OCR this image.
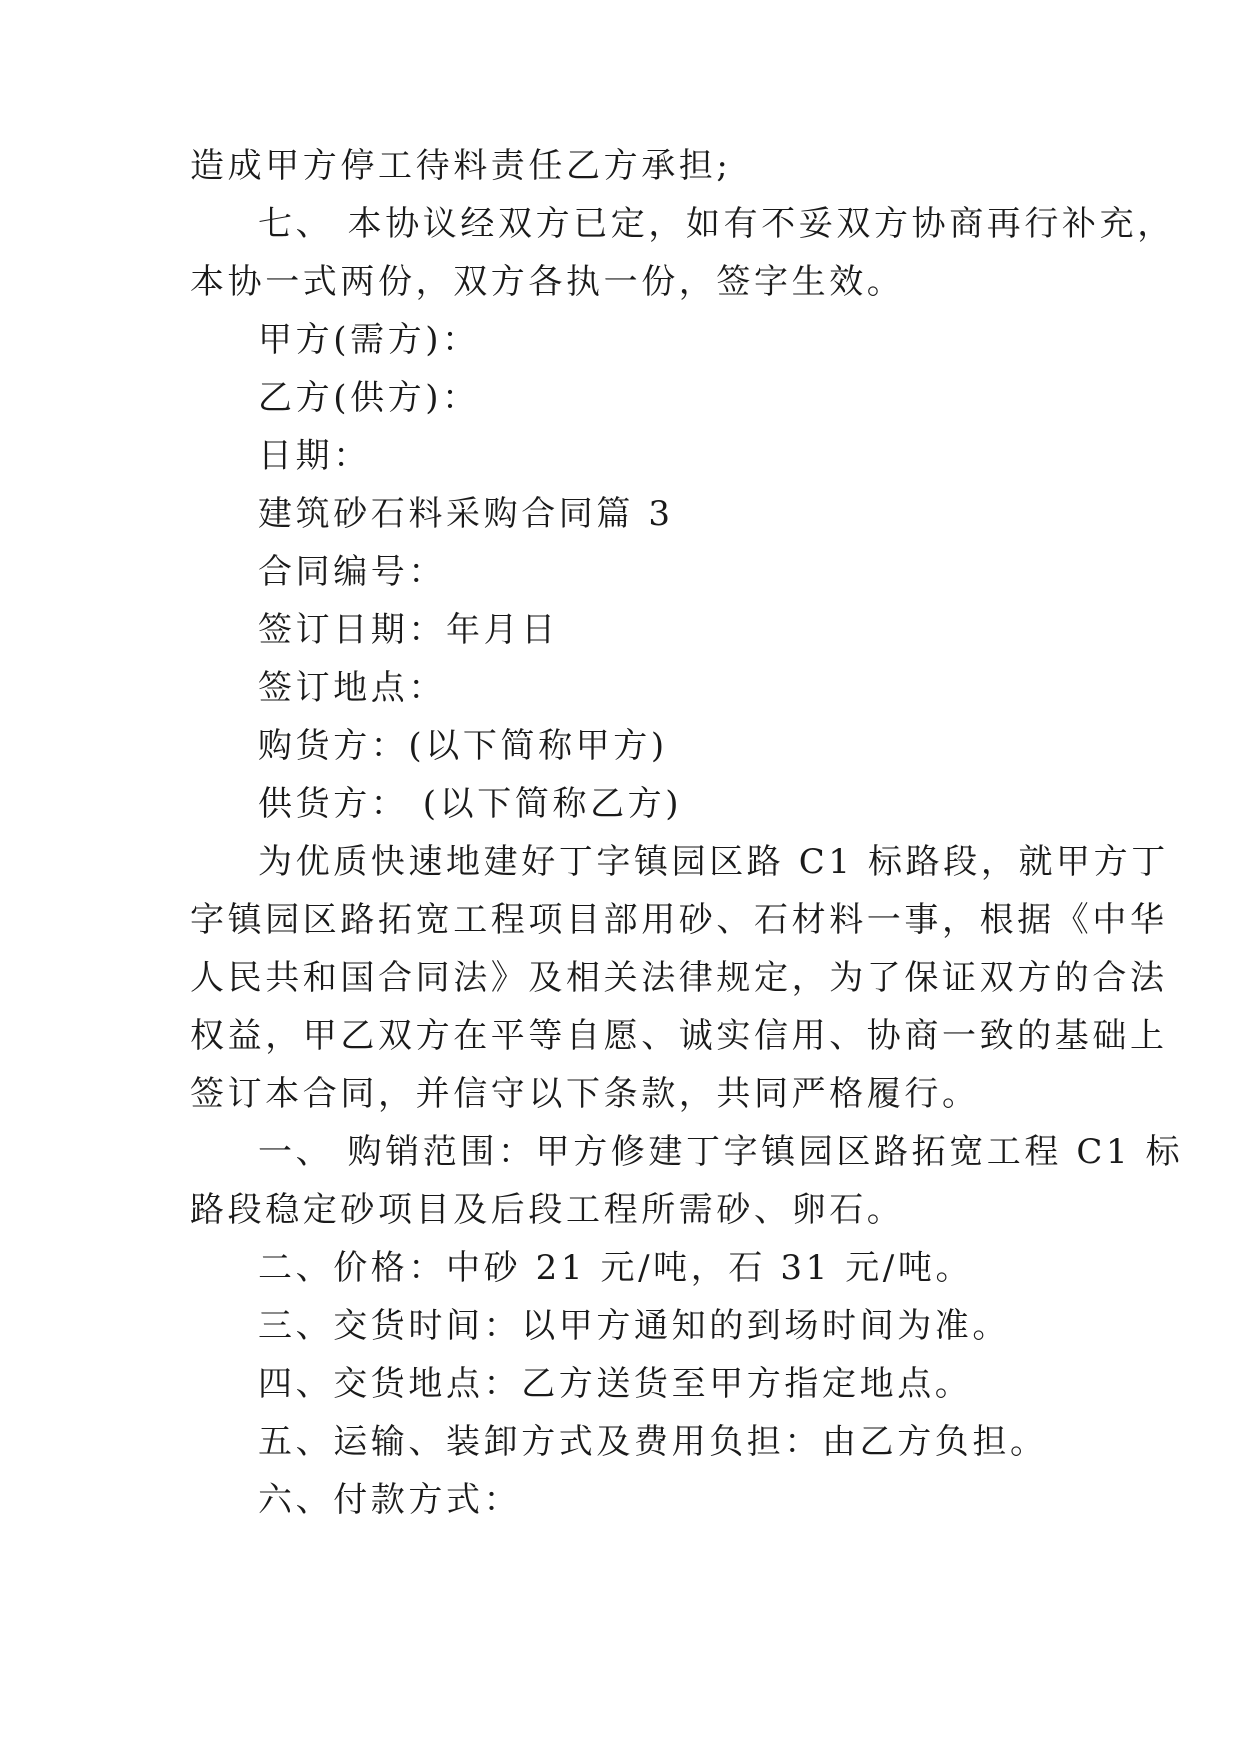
造成甲方停工待料责任乙方承担;
七、 本协议经双方已定，如有不妥双方协商再行补充，
本协一式两份，双方各执一份，签字生效。
甲方(需方)：
乙方(供方)：
日期：
建筑砂石料采购合同篇 3
合同编号：
签订日期：年月日
签订地点：
购货方：(以下简称甲方)
供货方： (以下简称乙方)
为优质快速地建好丁字镇园区路 C1 标路段，就甲方丁
字镇园区路拓宽工程项目部用砂、石材料一事，根据《中华
人民共和国合同法》及相关法律规定，为了保证双方的合法
权益，甲乙双方在平等自愿、诚实信用、协商一致的基础上
签订本合同，并信守以下条款，共同严格履行。
一、 购销范围：甲方修建丁字镇园区路拓宽工程 C1 标
路段稳定砂项目及后段工程所需砂、卵石。
二、价格：中砂 21 元/吨，石 31 元/吨。
三、交货时间：以甲方通知的到场时间为准。
四、交货地点：乙方送货至甲方指定地点。
五、运输、装卸方式及费用负担：由乙方负担。
六、付款方式：
